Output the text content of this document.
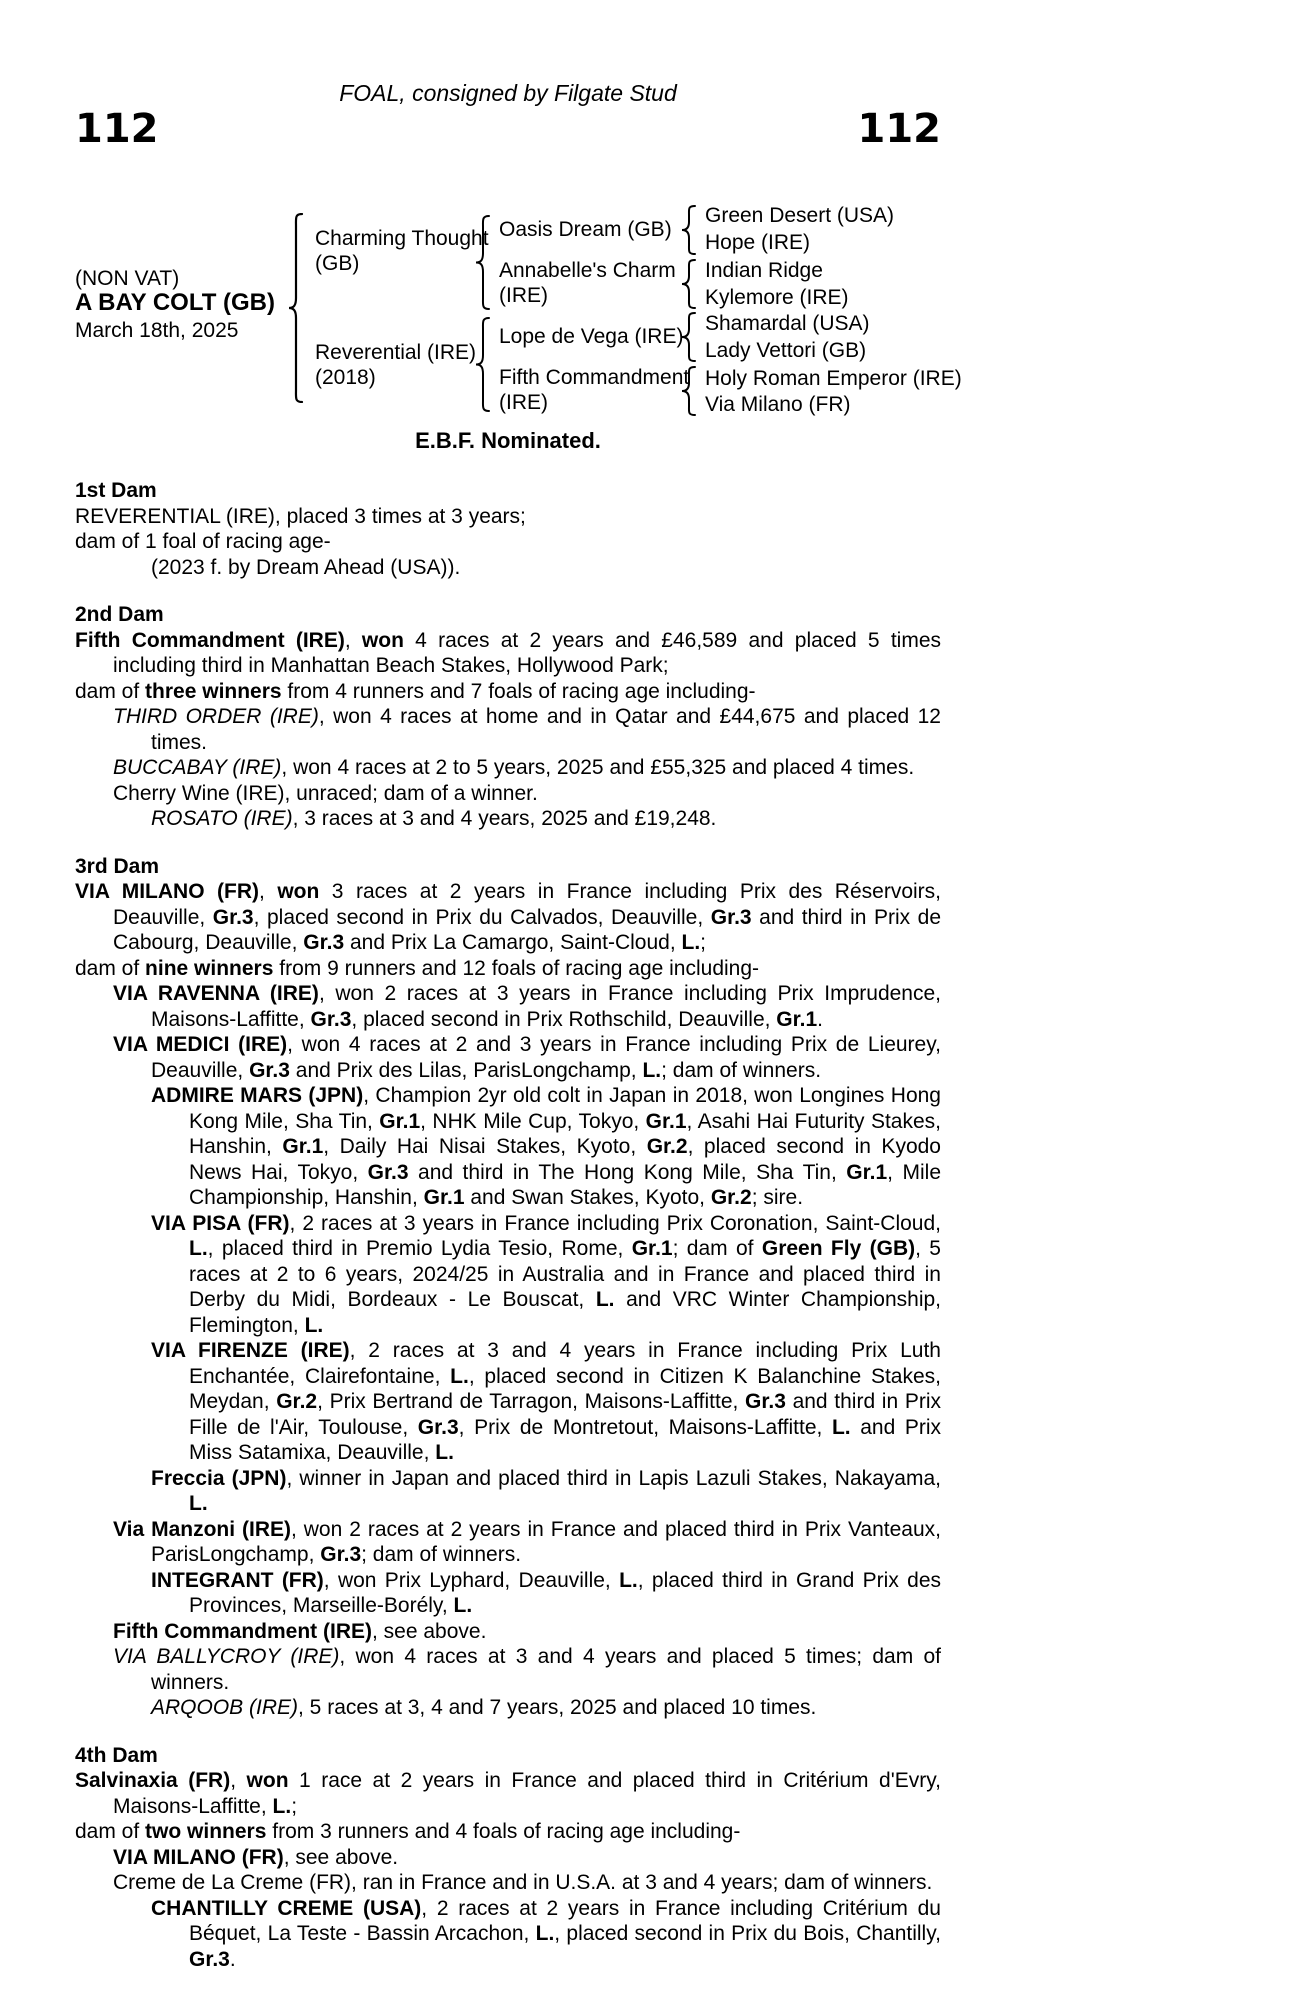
FOAL, consigned by Filgate Stud
112	112
(NON VAT)
A BAY COLT (GB)
March 18th, 2025
Charming Thought
(GB)
Reverential (IRE)
(2018)
Oasis Dream (GB)
Annabelle's Charm
(IRE)
Lope de Vega (IRE)
Fifth Commandment
(IRE)
Green Desert (USA)
Hope (IRE)
Indian Ridge
Kylemore (IRE)
Shamardal (USA)
Lady Vettori (GB)
Holy Roman Emperor (IRE)
Via Milano (FR)
E.B.F. Nominated.
1st Dam

REVERENTIAL (IRE), placed 3 times at 3 years;

dam of 1 foal of racing age-

(2023 f. by Dream Ahead (USA)).

2nd Dam

Fifth Commandment (IRE), won 4 races at 2 years and £46,589 and placed 5 times including third in Manhattan Beach Stakes, Hollywood Park;

dam of three winners from 4 runners and 7 foals of racing age including-

THIRD ORDER (IRE), won 4 races at home and in Qatar and £44,675 and placed 12 times.

BUCCABAY (IRE), won 4 races at 2 to 5 years, 2025 and £55,325 and placed 4 times.

Cherry Wine (IRE), unraced; dam of a winner.

ROSATO (IRE), 3 races at 3 and 4 years, 2025 and £19,248.

3rd Dam

VIA MILANO (FR), won 3 races at 2 years in France including Prix des Réservoirs, Deauville, Gr.3, placed second in Prix du Calvados, Deauville, Gr.3 and third in Prix de Cabourg, Deauville, Gr.3 and Prix La Camargo, Saint-Cloud, L.;

dam of nine winners from 9 runners and 12 foals of racing age including-

VIA RAVENNA (IRE), won 2 races at 3 years in France including Prix Imprudence, Maisons-Laffitte, Gr.3, placed second in Prix Rothschild, Deauville, Gr.1.

VIA MEDICI (IRE), won 4 races at 2 and 3 years in France including Prix de Lieurey, Deauville, Gr.3 and Prix des Lilas, ParisLongchamp, L.; dam of winners.

ADMIRE MARS (JPN), Champion 2yr old colt in Japan in 2018, won Longines Hong Kong Mile, Sha Tin, Gr.1, NHK Mile Cup, Tokyo, Gr.1, Asahi Hai Futurity Stakes, Hanshin, Gr.1, Daily Hai Nisai Stakes, Kyoto, Gr.2, placed second in Kyodo News Hai, Tokyo, Gr.3 and third in The Hong Kong Mile, Sha Tin, Gr.1, Mile Championship, Hanshin, Gr.1 and Swan Stakes, Kyoto, Gr.2; sire.

VIA PISA (FR), 2 races at 3 years in France including Prix Coronation, Saint-Cloud, L., placed third in Premio Lydia Tesio, Rome, Gr.1; dam of Green Fly (GB), 5 races at 2 to 6 years, 2024/25 in Australia and in France and placed third in Derby du Midi, Bordeaux - Le Bouscat, L. and VRC Winter Championship, Flemington, L.

VIA FIRENZE (IRE), 2 races at 3 and 4 years in France including Prix Luth Enchantée, Clairefontaine, L., placed second in Citizen K Balanchine Stakes, Meydan, Gr.2, Prix Bertrand de Tarragon, Maisons-Laffitte, Gr.3 and third in Prix Fille de l'Air, Toulouse, Gr.3, Prix de Montretout, Maisons-Laffitte, L. and Prix Miss Satamixa, Deauville, L.

Freccia (JPN), winner in Japan and placed third in Lapis Lazuli Stakes, Nakayama, L.

Via Manzoni (IRE), won 2 races at 2 years in France and placed third in Prix Vanteaux, ParisLongchamp, Gr.3; dam of winners.

INTEGRANT (FR), won Prix Lyphard, Deauville, L., placed third in Grand Prix des Provinces, Marseille-Borély, L.

Fifth Commandment (IRE), see above.

VIA BALLYCROY (IRE), won 4 races at 3 and 4 years and placed 5 times; dam of winners.

ARQOOB (IRE), 5 races at 3, 4 and 7 years, 2025 and placed 10 times.

4th Dam

Salvinaxia (FR), won 1 race at 2 years in France and placed third in Critérium d'Evry, Maisons-Laffitte, L.;

dam of two winners from 3 runners and 4 foals of racing age including-

VIA MILANO (FR), see above.

Creme de La Creme (FR), ran in France and in U.S.A. at 3 and 4 years; dam of winners.

CHANTILLY CREME (USA), 2 races at 2 years in France including Critérium du Béquet, La Teste - Bassin Arcachon, L., placed second in Prix du Bois, Chantilly, Gr.3.
